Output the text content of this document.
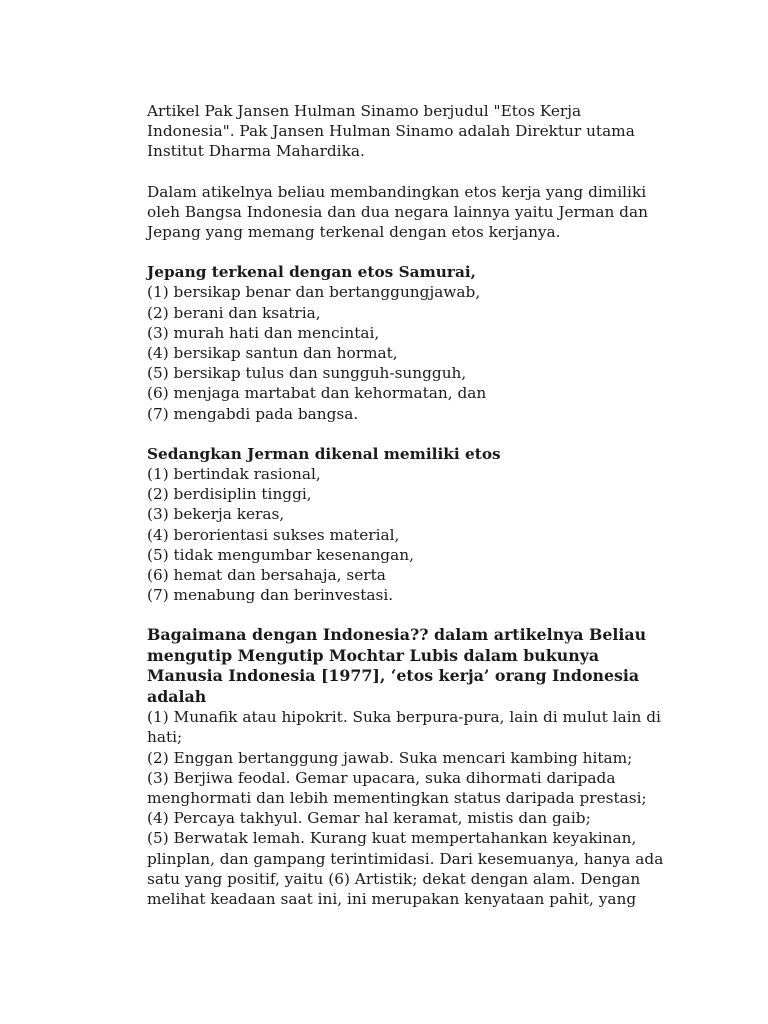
Artikel Pak Jansen Hulman Sinamo berjudul "Etos Kerja
Indonesia". Pak Jansen Hulman Sinamo adalah Direktur utama
Institut Dharma Mahardika.
Dalam atikelnya beliau membandingkan etos kerja yang dimiliki
oleh Bangsa Indonesia dan dua negara lainnya yaitu Jerman dan
Jepang yang memang terkenal dengan etos kerjanya.
Jepang terkenal dengan etos Samurai,
(1) bersikap benar dan bertanggungjawab,
(2) berani dan ksatria,
(3) murah hati dan mencintai,
(4) bersikap santun dan hormat,
(5) bersikap tulus dan sungguh-sungguh,
(6) menjaga martabat dan kehormatan, dan
(7) mengabdi pada bangsa.
Sedangkan Jerman dikenal memiliki etos
(1) bertindak rasional,
(2) berdisiplin tinggi,
(3) bekerja keras,
(4) berorientasi sukses material,
(5) tidak mengumbar kesenangan,
(6) hemat dan bersahaja, serta
(7) menabung dan berinvestasi.
Bagaimana dengan Indonesia?? dalam artikelnya Beliau
mengutip Mengutip Mochtar Lubis dalam bukunya
Manusia Indonesia [1977], ‘etos kerja’ orang Indonesia
adalah
(1) Munafik atau hipokrit. Suka berpura-pura, lain di mulut lain di
hati;
(2) Enggan bertanggung jawab. Suka mencari kambing hitam;
(3) Berjiwa feodal. Gemar upacara, suka dihormati daripada
menghormati dan lebih mementingkan status daripada prestasi;
(4) Percaya takhyul. Gemar hal keramat, mistis dan gaib;
(5) Berwatak lemah. Kurang kuat mempertahankan keyakinan,
plinplan, dan gampang terintimidasi. Dari kesemuanya, hanya ada
satu yang positif, yaitu (6) Artistik; dekat dengan alam. Dengan
melihat keadaan saat ini, ini merupakan kenyataan pahit, yang
